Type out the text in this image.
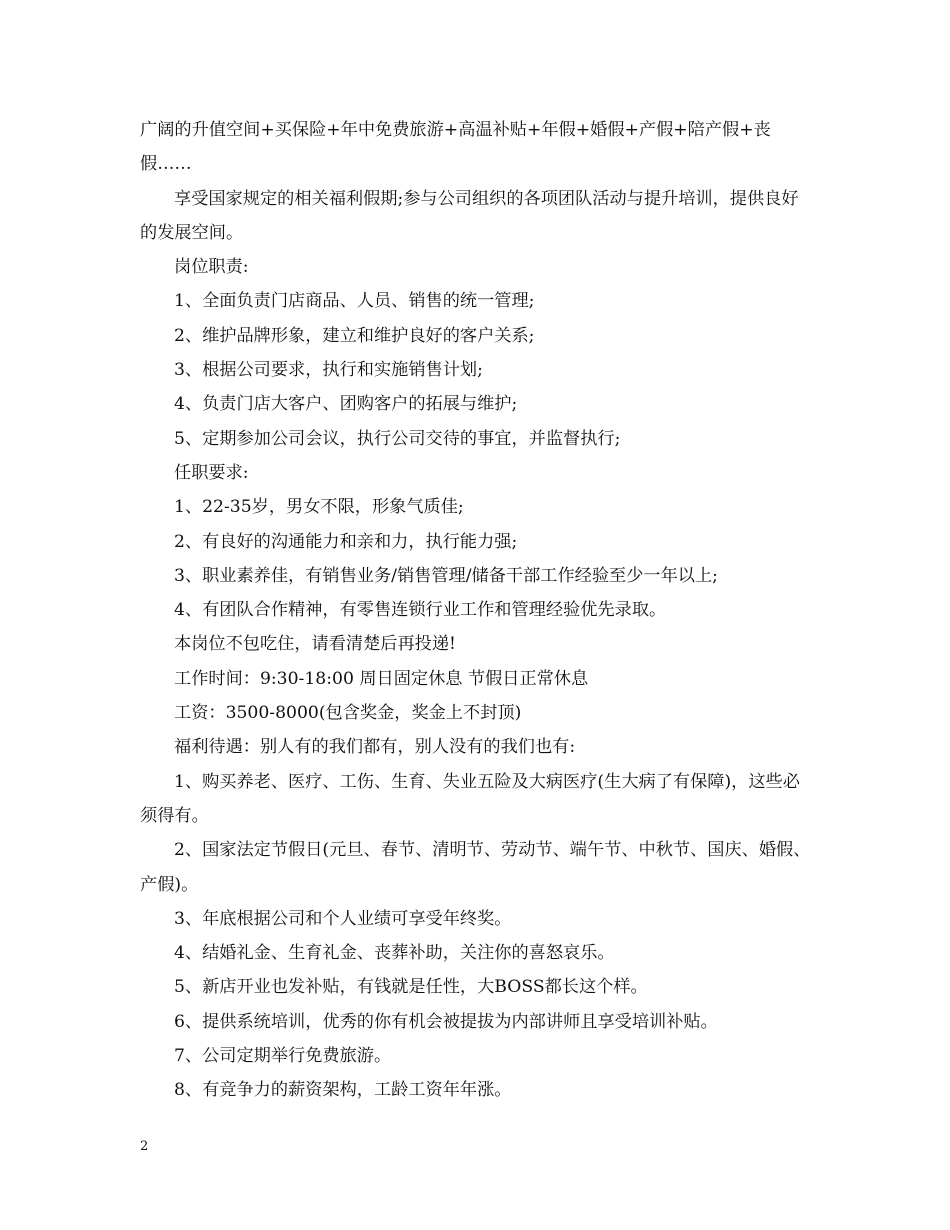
广阔的升值空间+买保险+年中免费旅游+高温补贴+年假+婚假+产假+陪产假+丧假……

享受国家规定的相关福利假期;参与公司组织的各项团队活动与提升培训，提供良好的发展空间。

岗位职责:

1、全面负责门店商品、人员、销售的统一管理;

2、维护品牌形象，建立和维护良好的客户关系;

3、根据公司要求，执行和实施销售计划;

4、负责门店大客户、团购客户的拓展与维护;

5、定期参加公司会议，执行公司交待的事宜，并监督执行;

任职要求:

1、22-35岁，男女不限，形象气质佳;

2、有良好的沟通能力和亲和力，执行能力强;

3、职业素养佳，有销售业务/销售管理/储备干部工作经验至少一年以上;

4、有团队合作精神，有零售连锁行业工作和管理经验优先录取。

本岗位不包吃住，请看清楚后再投递!

工作时间：9:30-18:00 周日固定休息 节假日正常休息

工资：3500-8000(包含奖金，奖金上不封顶)

福利待遇：别人有的我们都有，别人没有的我们也有:

1、购买养老、医疗、工伤、生育、失业五险及大病医疗(生大病了有保障)，这些必须得有。

2、国家法定节假日(元旦、春节、清明节、劳动节、端午节、中秋节、国庆、婚假、产假)。

3、年底根据公司和个人业绩可享受年终奖。

4、结婚礼金、生育礼金、丧葬补助，关注你的喜怒哀乐。

5、新店开业也发补贴，有钱就是任性，大BOSS都长这个样。

6、提供系统培训，优秀的你有机会被提拔为内部讲师且享受培训补贴。

7、公司定期举行免费旅游。

8、有竞争力的薪资架构，工龄工资年年涨。

2
